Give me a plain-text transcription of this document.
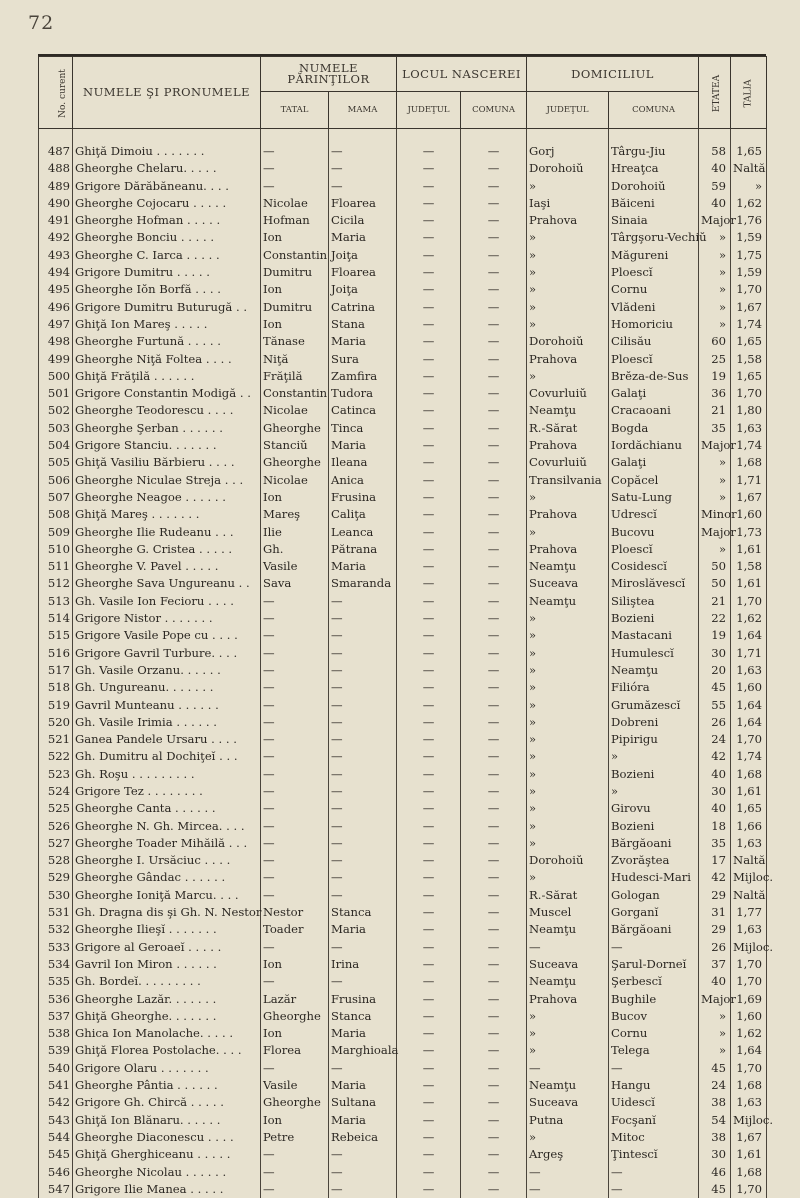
72
No. curent	NUMELE ŞI PRONUMELE	NUMELE PĂRINŢILOR		LOCUL NASCEREI		DOMICILIUL		ETATEA	TALIA
		TATAL	MAMA	JUDEŢUL	COMUNA	JUDEŢUL	COMUNA		
487	Ghiţă Dimoiu . . . . . . .	—	—	—	—	Gorj	Târgu-Jiu	58	1,65
488	Gheorghe Chelaru. . . . .	—	—	—	—	Dorohoiŭ	Hreaţca	40	Naltă
489	Grigore Dărăbăneanu. . . .	—	—	—	—	»	Dorohoiŭ	59	»
490	Gheorghe Cojocaru . . . . .	Nicolae	Floarea	—	—	Iaşi	Băiceni	40	1,62
491	Gheorghe Hofman . . . . .	Hofman	Cicila	—	—	Prahova	Sinaia	Major	1,76
492	Gheorghe Bonciu . . . . .	Ion	Maria	—	—	»	Târgşoru-Vechiŭ	»	1,59
493	Gheorghe C. Iarca . . . . .	Constantin	Joiţa	—	—	»	Măgureni	»	1,75
494	Grigore Dumitru . . . . .	Dumitru	Floarea	—	—	»	Ploescĭ	»	1,59
495	Gheorghe Iŏn Borfă . . . .	Ion	Joiţa	—	—	»	Cornu	»	1,70
496	Grigore Dumitru Buturugă . .	Dumitru	Catrina	—	—	»	Vlădeni	»	1,67
497	Ghiţă Ion Mareş . . . . .	Ion	Stana	—	—	»	Homoriciu	»	1,74
498	Gheorghe Furtună . . . . .	Tănase	Maria	—	—	Dorohoiŭ	Cilisău	60	1,65
499	Gheorghe Niţă Foltea . . . .	Niţă	Sura	—	—	Prahova	Ploescĭ	25	1,58
500	Ghiţă Frăţilă . . . . . .	Frăţilă	Zamfira	—	—	»	Brĕza-de-Sus	19	1,65
501	Grigore Constantin Modigă . .	Constantin	Tudora	—	—	Covurluiŭ	Galaţi	36	1,70
502	Gheorghe Teodorescu . . . .	Nicolae	Catinca	—	—	Neamţu	Cracaoani	21	1,80
503	Gheorghe Şerban . . . . . .	Gheorghe	Tinca	—	—	R.-Sărat	Bogda	35	1,63
504	Grigore Stanciu. . . . . . .	Stanciŭ	Maria	—	—	Prahova	Iordăchianu	Major	1,74
505	Ghiţă Vasiliu Bărbieru . . . .	Gheorghe	Ileana	—	—	Covurluiŭ	Galaţi	»	1,68
506	Gheorghe Niculae Streja . . .	Nicolae	Anica	—	—	Transilvania	Copăcel	»	1,71
507	Gheorghe Neagoe . . . . . .	Ion	Frusina	—	—	»	Satu-Lung	»	1,67
508	Ghiţă Mareş . . . . . . .	Mareş	Caliţa	—	—	Prahova	Udrescĭ	Minor	1,60
509	Gheorghe Ilie Rudeanu . . .	Ilie	Leanca	—	—	»	Bucovu	Major	1,73
510	Gheorghe G. Cristea . . . . .	Gh.	Pătrana	—	—	Prahova	Ploescĭ	»	1,61
511	Gheorghe V. Pavel . . . . .	Vasile	Maria	—	—	Neamţu	Cosidescĭ	50	1,58
512	Gheorghe Sava Ungureanu . .	Sava	Smaranda	—	—	Suceava	Miroslăvescĭ	50	1,61
513	Gh. Vasile Ion Fecioru . . . .	—	—	—	—	Neamţu	Siliştea	21	1,70
514	Grigore Nistor . . . . . . .	—	—	—	—	»	Bozieni	22	1,62
515	Grigore Vasile Pope cu . . . .	—	—	—	—	»	Mastacani	19	1,64
516	Grigore Gavril Turbure. . . .	—	—	—	—	»	Humulescĭ	30	1,71
517	Gh. Vasile Orzanu. . . . . .	—	—	—	—	»	Neamţu	20	1,63
518	Gh. Ungureanu. . . . . . .	—	—	—	—	»	Filióra	45	1,60
519	Gavril Munteanu . . . . . .	—	—	—	—	»	Grumăzescĭ	55	1,64
520	Gh. Vasile Irimia . . . . . .	—	—	—	—	»	Dobreni	26	1,64
521	Ganea Pandele Ursaru . . . .	—	—	—	—	»	Pipirigu	24	1,70
522	Gh. Dumitru al Dochiţeĭ . . .	—	—	—	—	»	»	42	1,74
523	Gh. Roşu . . . . . . . . .	—	—	—	—	»	Bozieni	40	1,68
524	Grigore Tez . . . . . . . .	—	—	—	—	»	»	30	1,61
525	Gheorghe Canta . . . . . .	—	—	—	—	»	Girovu	40	1,65
526	Gheorghe N. Gh. Mircea. . . .	—	—	—	—	»	Bozieni	18	1,66
527	Gheorghe Toader Mihăilă . . .	—	—	—	—	»	Bărgăoani	35	1,63
528	Gheorghe I. Ursăciuc . . . .	—	—	—	—	Dorohoiŭ	Zvorăştea	17	Naltă
529	Gheorghe Gândac . . . . . .	—	—	—	—	»	Hudesci-Mari	42	Mijloc.
530	Gheorghe Ioniţă Marcu. . . .	—	—	—	—	R.-Sărat	Gologan	29	Naltă
531	Gh. Dragna dis şi Gh. N. Nestor	Nestor	Stanca	—	—	Muscel	Gorganĭ	31	1,77
532	Gheorghe Ilieşĭ . . . . . . .	Toader	Maria	—	—	Neamţu	Bărgăoani	29	1,63
533	Grigore al Geroaeĭ . . . . .	—	—	—	—	—	—	26	Mijloc.
534	Gavril Ion Miron . . . . . .	Ion	Irina	—	—	Suceava	Şarul-Dorneĭ	37	1,70
535	Gh. Bordeĭ. . . . . . . . .	—	—	—	—	Neamţu	Şerbescĭ	40	1,70
536	Gheorghe Lazăr. . . . . . .	Lazăr	Frusina	—	—	Prahova	Bughile	Major	1,69
537	Ghiţă Gheorghe. . . . . . .	Gheorghe	Stanca	—	—	»	Bucov	»	1,60
538	Ghica Ion Manolache. . . . .	Ion	Maria	—	—	»	Cornu	»	1,62
539	Ghiţă Florea Postolache. . . .	Florea	Marghioala	—	—	»	Telega	»	1,64
540	Grigore Olaru . . . . . . .	—	—	—	—	—	—	45	1,70
541	Gheorghe Pântia . . . . . .	Vasile	Maria	—	—	Neamţu	Hangu	24	1,68
542	Grigore Gh. Chircă . . . . .	Gheorghe	Sultana	—	—	Suceava	Uidescĭ	38	1,63
543	Ghiţă Ion Blănaru. . . . . .	Ion	Maria	—	—	Putna	Focşanĭ	54	Mijloc.
544	Gheorghe Diaconescu . . . .	Petre	Rebeica	—	—	»	Mitoc	38	1,67
545	Ghiţă Gherghiceanu . . . . .	—	—	—	—	Argeş	Ţintescĭ	30	1,61
546	Gheorghe Nicolau . . . . . .	—	—	—	—	—	—	46	1,68
547	Grigore Ilie Manea . . . . .	—	—	—	—	—	—	45	1,70
